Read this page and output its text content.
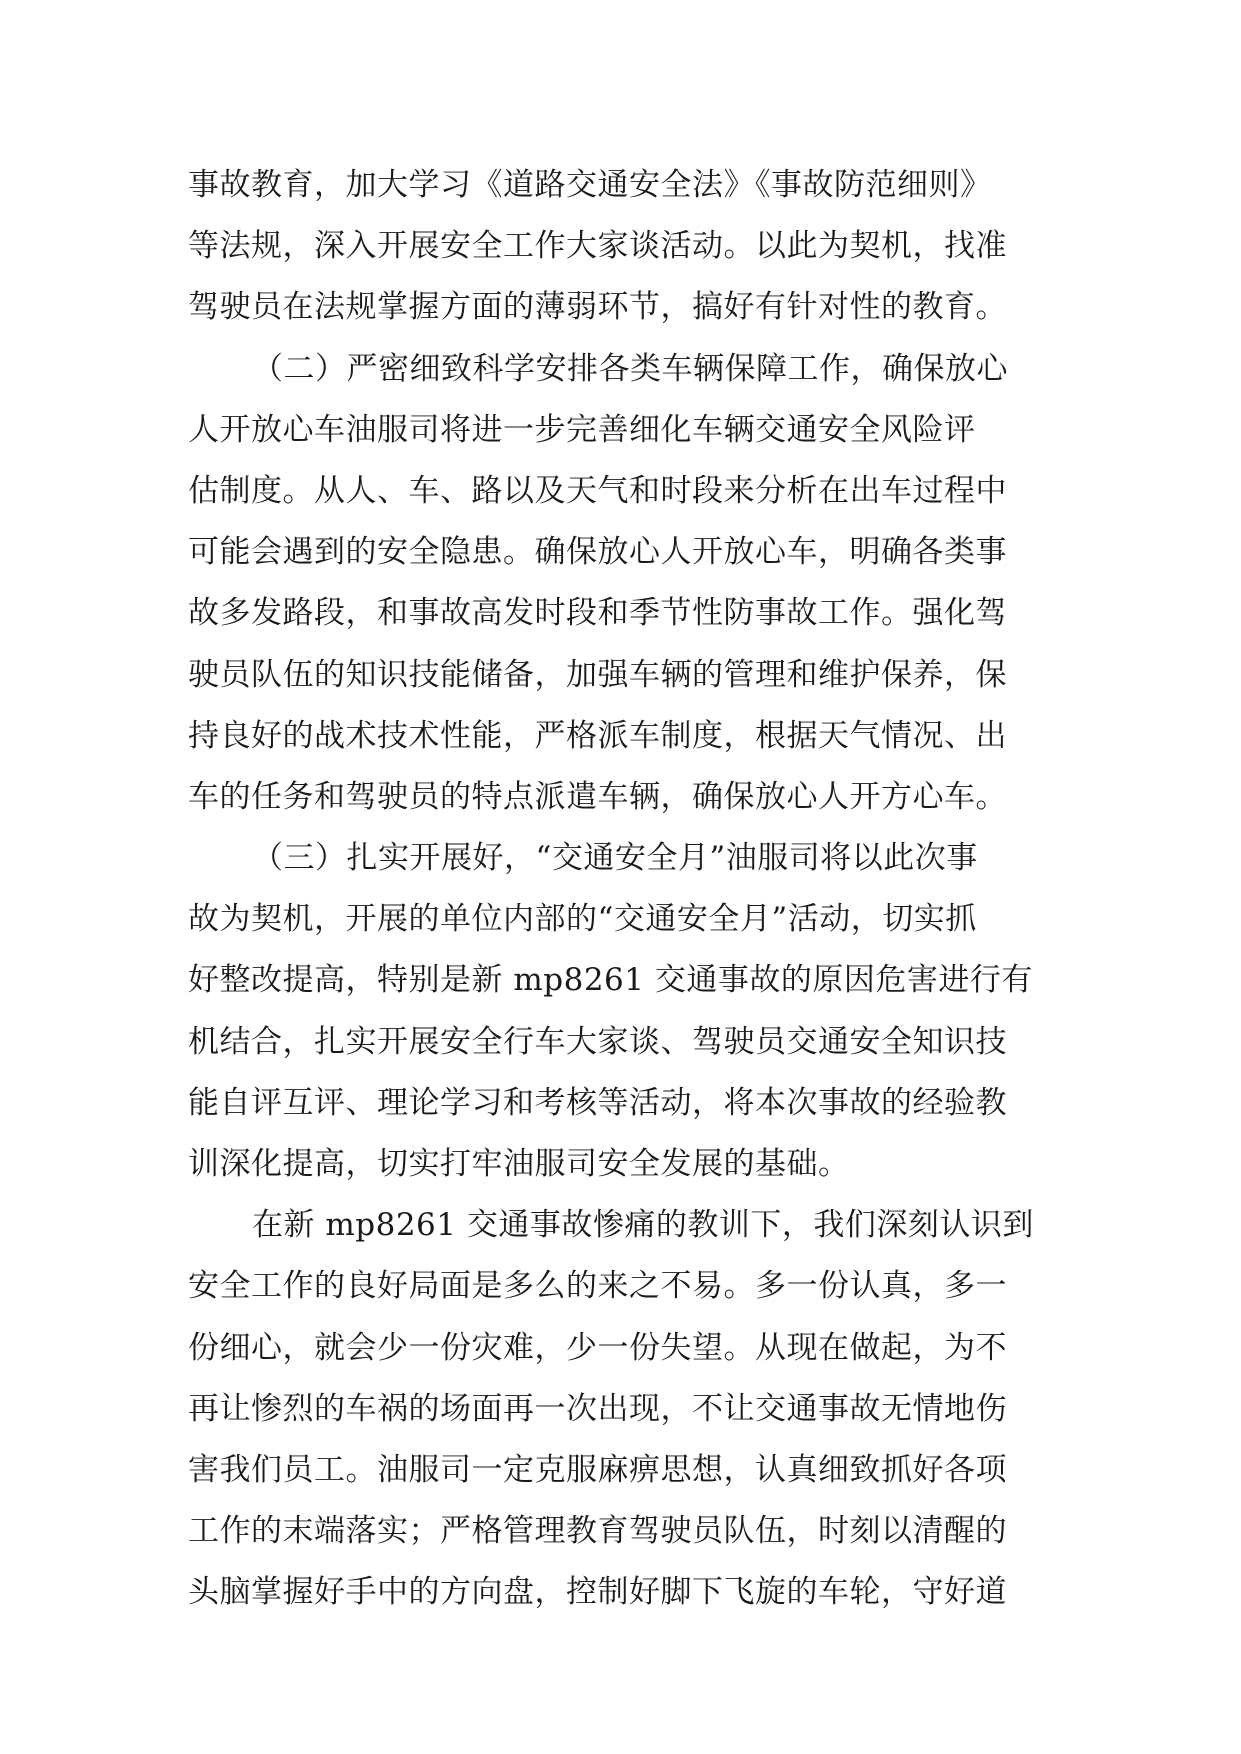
事故教育，加大学习《道路交通安全法》《事故防范细则》
等法规，深入开展安全工作大家谈活动。以此为契机，找准
驾驶员在法规掌握方面的薄弱环节，搞好有针对性的教育。
（二）严密细致科学安排各类车辆保障工作，确保放心
人开放心车油服司将进一步完善细化车辆交通安全风险评
估制度。从人、车、路以及天气和时段来分析在出车过程中
可能会遇到的安全隐患。确保放心人开放心车，明确各类事
故多发路段，和事故高发时段和季节性防事故工作。强化驾
驶员队伍的知识技能储备，加强车辆的管理和维护保养，保
持良好的战术技术性能，严格派车制度，根据天气情况、出
车的任务和驾驶员的特点派遣车辆，确保放心人开方心车。
（三）扎实开展好，“交通安全月”油服司将以此次事
故为契机，开展的单位内部的“交通安全月”活动，切实抓
好整改提高，特别是新 mp8261 交通事故的原因危害进行有
机结合，扎实开展安全行车大家谈、驾驶员交通安全知识技
能自评互评、理论学习和考核等活动，将本次事故的经验教
训深化提高，切实打牢油服司安全发展的基础。
在新 mp8261 交通事故惨痛的教训下，我们深刻认识到
安全工作的良好局面是多么的来之不易。多一份认真，多一
份细心，就会少一份灾难，少一份失望。从现在做起，为不
再让惨烈的车祸的场面再一次出现，不让交通事故无情地伤
害我们员工。油服司一定克服麻痹思想，认真细致抓好各项
工作的末端落实；严格管理教育驾驶员队伍，时刻以清醒的
头脑掌握好手中的方向盘，控制好脚下飞旋的车轮，守好道
